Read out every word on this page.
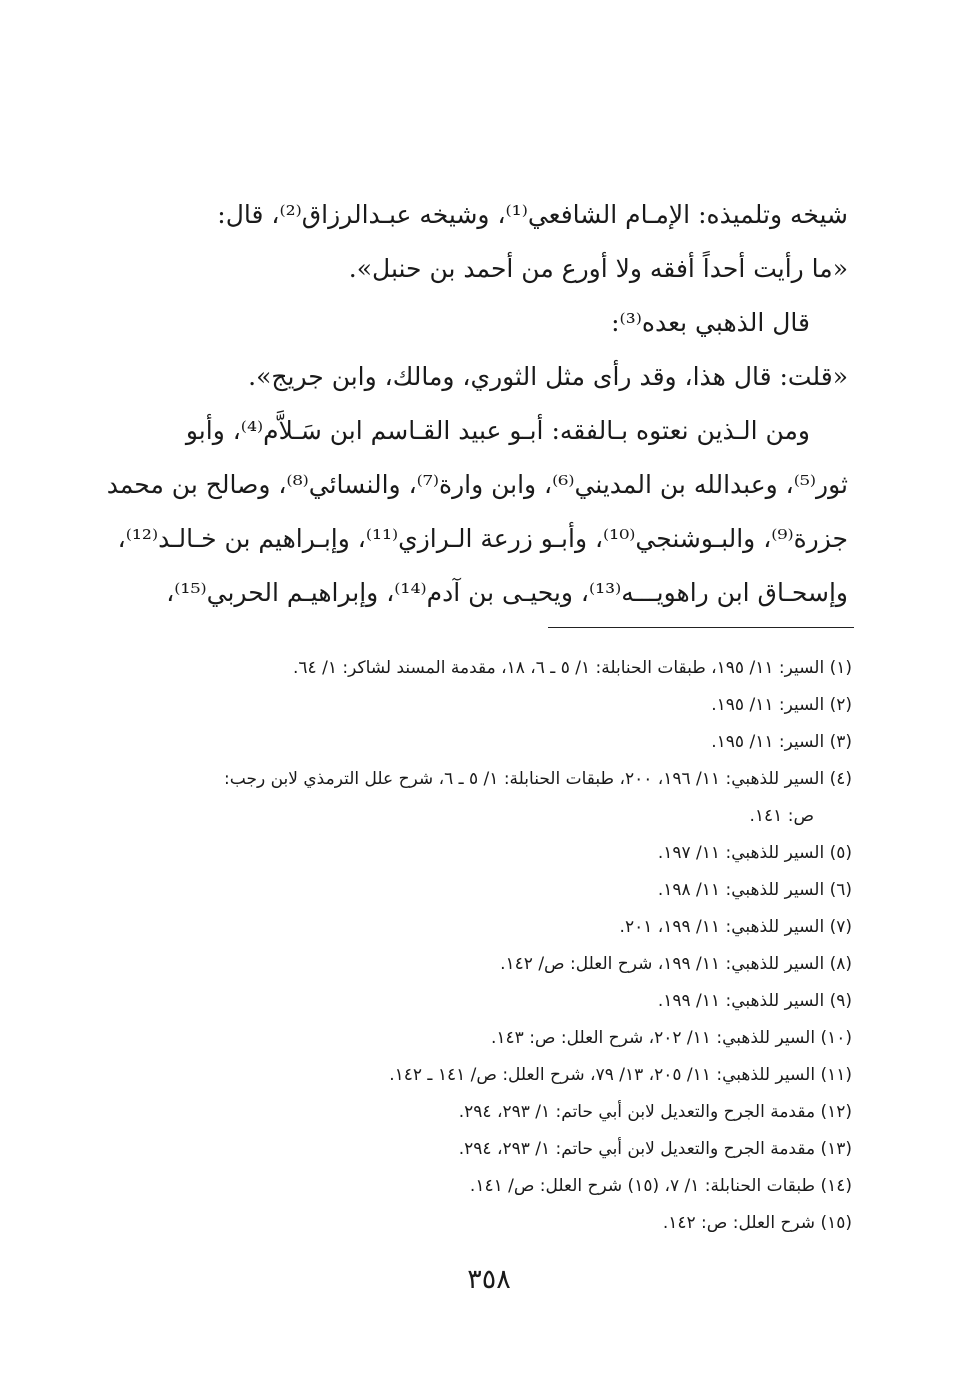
شيخه وتلميذه: الإمـام الشافعي⁽¹⁾، وشيخه عبـدالرزاق⁽²⁾، قال:
«ما رأيت أحداً أفقه ولا أورع من أحمد بن حنبل».
قال الذهبي بعده⁽³⁾:
«قلت: قال هذا، وقد رأى مثل الثوري، ومالك، وابن جريج».
ومن الـذين نعتوه بـالفقه: أبـو عبيد القـاسم ابن سَـلاَّم⁽⁴⁾، وأبو
ثور⁽⁵⁾، وعبدالله بن المديني⁽⁶⁾، وابن وارة⁽⁷⁾، والنسائي⁽⁸⁾، وصالح بن محمد
جزرة⁽⁹⁾، والبـوشنجي⁽¹⁰⁾، وأبـو زرعة الـرازي⁽¹¹⁾، وإبـراهيم بن خـالـد⁽¹²⁾،
وإسحـاق ابن راهويـــه⁽¹³⁾، ويحيـى بن آدم⁽¹⁴⁾، وإبراهيـم الحربي⁽¹⁵⁾،
(١) السير: ١١/ ١٩٥، طبقات الحنابلة: ١/ ٥ ـ ٦، ١٨، مقدمة المسند لشاكر: ١/ ٦٤.
(٢) السير: ١١/ ١٩٥.
(٣) السير: ١١/ ١٩٥.
(٤) السير للذهبي: ١١/ ١٩٦، ٢٠٠، طبقات الحنابلة: ١/ ٥ ـ ٦، شرح علل الترمذي لابن رجب:
ص: ١٤١.
(٥) السير للذهبي: ١١/ ١٩٧.
(٦) السير للذهبي: ١١/ ١٩٨.
(٧) السير للذهبي: ١١/ ١٩٩، ٢٠١.
(٨) السير للذهبي: ١١/ ١٩٩، شرح العلل: ص/ ١٤٢.
(٩) السير للذهبي: ١١/ ١٩٩.
(١٠) السير للذهبي: ١١/ ٢٠٢، شرح العلل: ص: ١٤٣.
(١١) السير للذهبي: ١١/ ٢٠٥، ١٣/ ٧٩، شرح العلل: ص/ ١٤١ ـ ١٤٢.
(١٢) مقدمة الجرح والتعديل لابن أبي حاتم: ١/ ٢٩٣، ٢٩٤.
(١٣) مقدمة الجرح والتعديل لابن أبي حاتم: ١/ ٢٩٣، ٢٩٤.
(١٤) طبقات الحنابلة: ١/ ٧، (١٥) شرح العلل: ص/ ١٤١.
(١٥) شرح العلل: ص: ١٤٢.
٣٥٨
